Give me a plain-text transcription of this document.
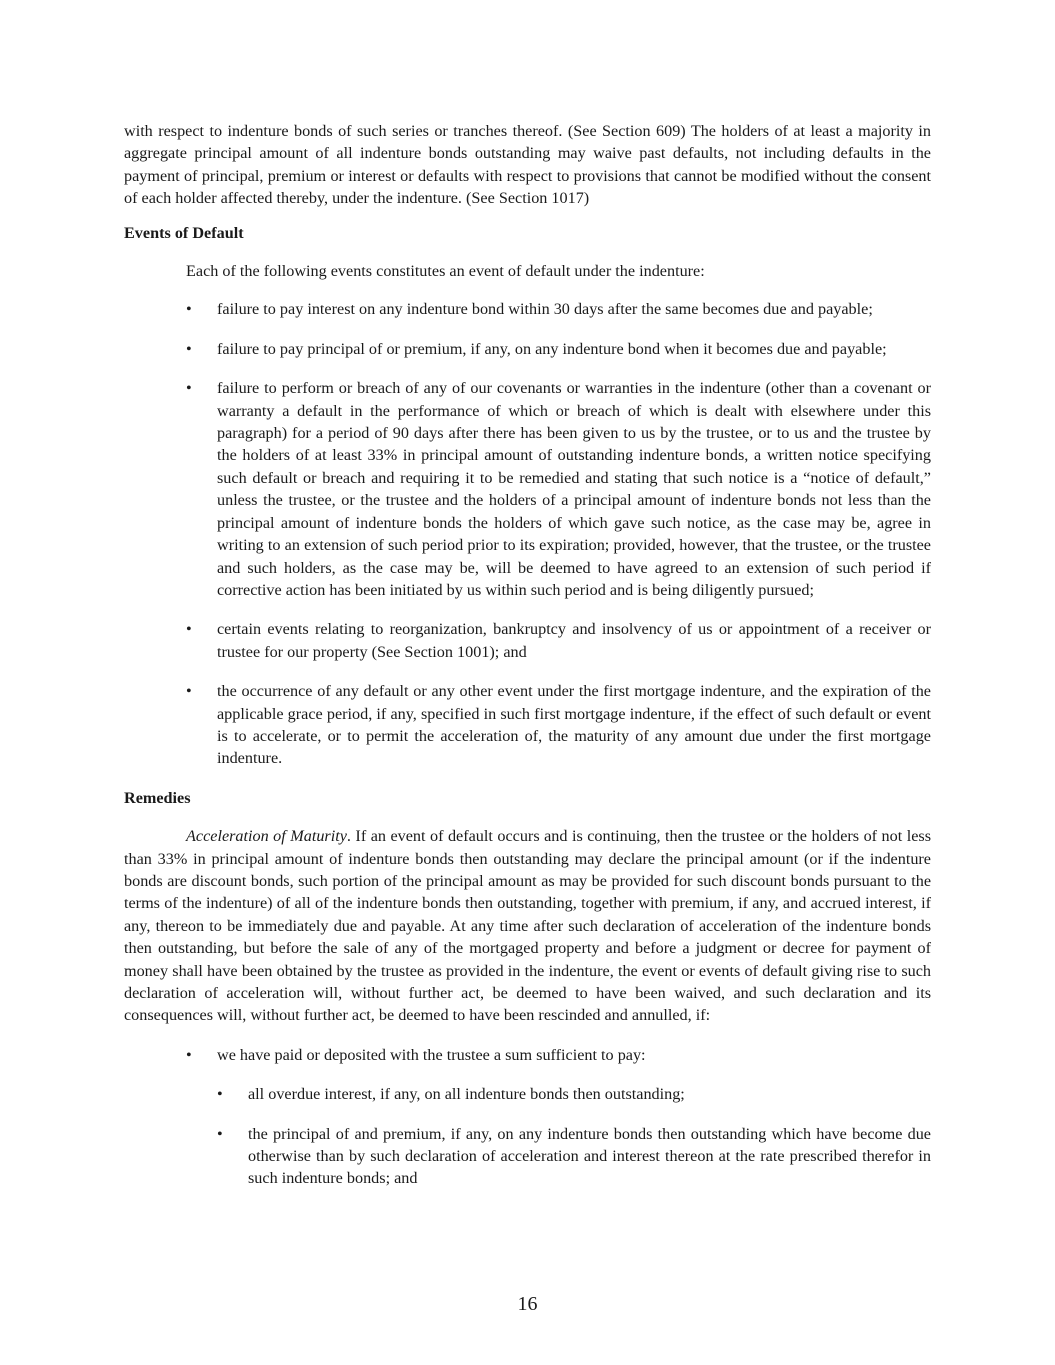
with respect to indenture bonds of such series or tranches thereof. (See Section 609) The holders of at least a majority in aggregate principal amount of all indenture bonds outstanding may waive past defaults, not including defaults in the payment of principal, premium or interest or defaults with respect to provisions that cannot be modified without the consent of each holder affected thereby, under the indenture. (See Section 1017)

Events of Default

Each of the following events constitutes an event of default under the indenture:

• failure to pay interest on any indenture bond within 30 days after the same becomes due and payable;
• failure to pay principal of or premium, if any, on any indenture bond when it becomes due and payable;
• failure to perform or breach of any of our covenants or warranties in the indenture (other than a covenant or warranty a default in the performance of which or breach of which is dealt with elsewhere under this paragraph) for a period of 90 days after there has been given to us by the trustee, or to us and the trustee by the holders of at least 33% in principal amount of outstanding indenture bonds, a written notice specifying such default or breach and requiring it to be remedied and stating that such notice is a “notice of default,” unless the trustee, or the trustee and the holders of a principal amount of indenture bonds not less than the principal amount of indenture bonds the holders of which gave such notice, as the case may be, agree in writing to an extension of such period prior to its expiration; provided, however, that the trustee, or the trustee and such holders, as the case may be, will be deemed to have agreed to an extension of such period if corrective action has been initiated by us within such period and is being diligently pursued;
• certain events relating to reorganization, bankruptcy and insolvency of us or appointment of a receiver or trustee for our property (See Section 1001); and
• the occurrence of any default or any other event under the first mortgage indenture, and the expiration of the applicable grace period, if any, specified in such first mortgage indenture, if the effect of such default or event is to accelerate, or to permit the acceleration of, the maturity of any amount due under the first mortgage indenture.

Remedies

Acceleration of Maturity. If an event of default occurs and is continuing, then the trustee or the holders of not less than 33% in principal amount of indenture bonds then outstanding may declare the principal amount (or if the indenture bonds are discount bonds, such portion of the principal amount as may be provided for such discount bonds pursuant to the terms of the indenture) of all of the indenture bonds then outstanding, together with premium, if any, and accrued interest, if any, thereon to be immediately due and payable. At any time after such declaration of acceleration of the indenture bonds then outstanding, but before the sale of any of the mortgaged property and before a judgment or decree for payment of money shall have been obtained by the trustee as provided in the indenture, the event or events of default giving rise to such declaration of acceleration will, without further act, be deemed to have been waived, and such declaration and its consequences will, without further act, be deemed to have been rescinded and annulled, if:

• we have paid or deposited with the trustee a sum sufficient to pay:
• all overdue interest, if any, on all indenture bonds then outstanding;
• the principal of and premium, if any, on any indenture bonds then outstanding which have become due otherwise than by such declaration of acceleration and interest thereon at the rate prescribed therefor in such indenture bonds; and
16
